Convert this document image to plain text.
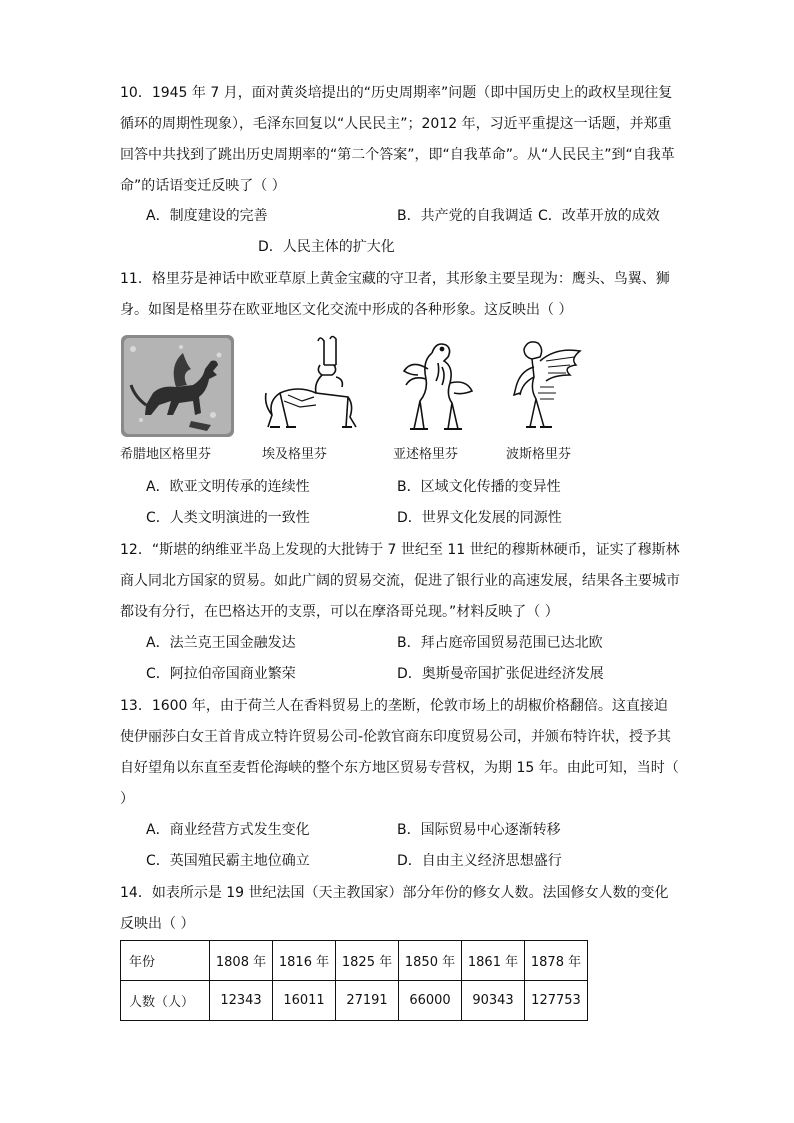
10．1945 年 7 月，面对黄炎培提出的“历史周期率”问题（即中国历史上的政权呈现往复循环的周期性现象），毛泽东回复以“人民民主”；2012 年，习近平重提这一话题，并郑重回答中共找到了跳出历史周期率的“第二个答案”，即“自我革命”。从“人民民主”到“自我革命”的话语变迁反映了（ ）

A．制度建设的完善	B．共产党的自我调适 C．改革开放的成效
D．人民主体的扩大化

11．格里芬是神话中欧亚草原上黄金宝藏的守卫者，其形象主要呈现为：鹰头、鸟翼、狮身。如图是格里芬在欧亚地区文化交流中形成的各种形象。这反映出（ ）

希腊地区格里芬	埃及格里芬	亚述格里芬	波斯格里芬
A．欧亚文明传承的连续性	B．区域文化传播的变异性
C．人类文明演进的一致性	D．世界文化发展的同源性

12．“斯堪的纳维亚半岛上发现的大批铸于 7 世纪至 11 世纪的穆斯林硬币，证实了穆斯林商人同北方国家的贸易。如此广阔的贸易交流，促进了银行业的高速发展，结果各主要城市都设有分行，在巴格达开的支票，可以在摩洛哥兑现。”材料反映了（ ）

A．法兰克王国金融发达	B．拜占庭帝国贸易范围已达北欧
C．阿拉伯帝国商业繁荣	D．奥斯曼帝国扩张促进经济发展

13．1600 年，由于荷兰人在香料贸易上的垄断，伦敦市场上的胡椒价格翻倍。这直接迫使伊丽莎白女王首肯成立特许贸易公司-伦敦官商东印度贸易公司，并颁布特许状，授予其自好望角以东直至麦哲伦海峡的整个东方地区贸易专营权，为期 15 年。由此可知，当时（ ）

A．商业经营方式发生变化	B．国际贸易中心逐渐转移
C．英国殖民霸主地位确立	D．自由主义经济思想盛行

14．如表所示是 19 世纪法国（天主教国家）部分年份的修女人数。法国修女人数的变化反映出（ ）

年份	1808 年	1816 年	1825 年	1850 年	1861 年	1878 年
人数（人）	12343	16011	27191	66000	90343	127753
